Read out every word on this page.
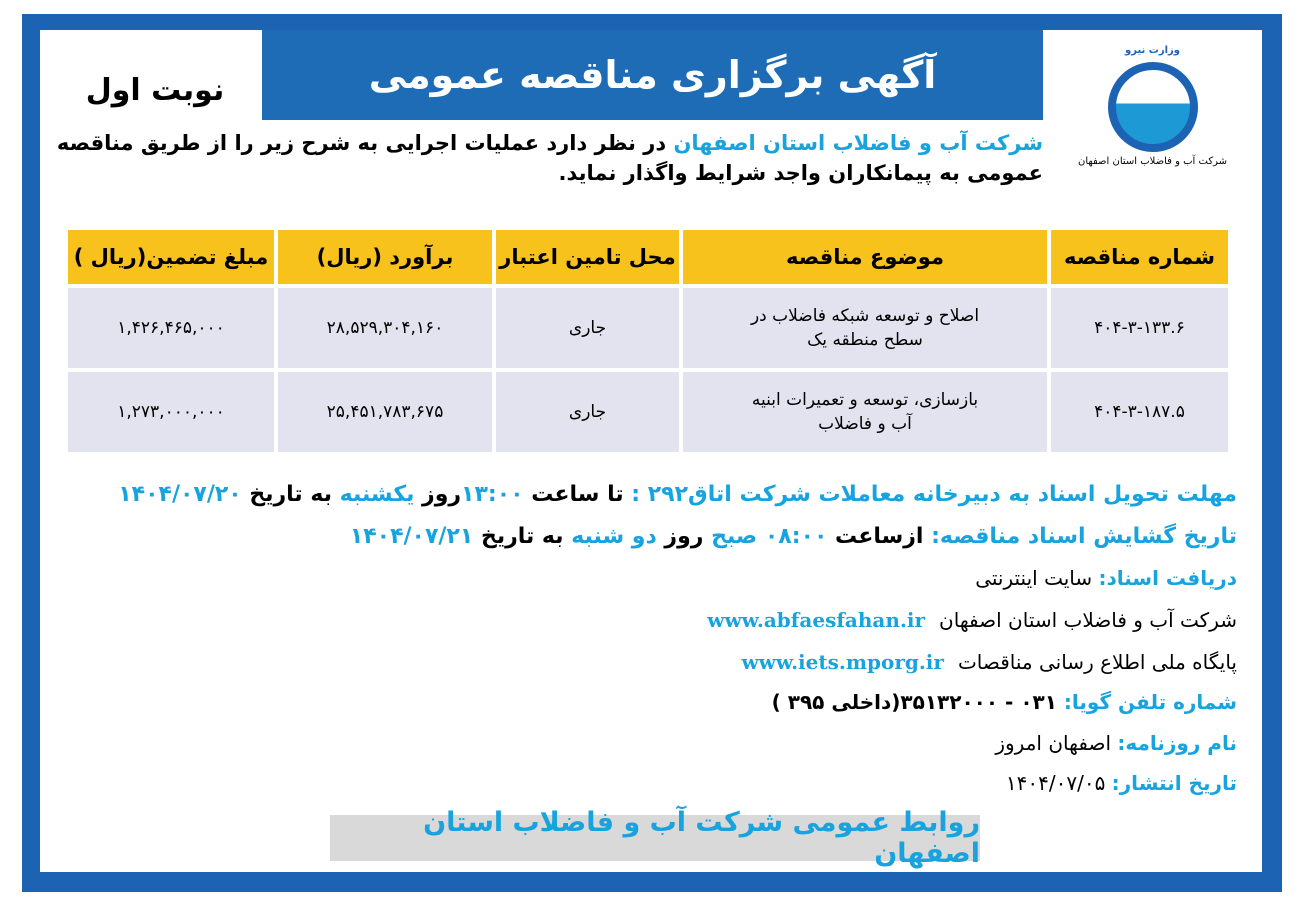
آگهی برگزاری مناقصه عمومی
نوبت اول
وزارت نیرو
شرکت آب و فاضلاب استان اصفهان
شرکت آب و فاضلاب استان اصفهان در نظر دارد عملیات اجرایی به شرح زیر را از طریق مناقصه عمومی به پیمانکاران واجد شرایط واگذار نماید.
شماره مناقصه	موضوع مناقصه	محل تامین اعتبار	برآورد (ریال)	مبلغ تضمین(ریال )
۴۰۴-۳-۱۳۳.۶	اصلاح و توسعه شبکه فاضلاب در سطح منطقه یک	جاری	۲۸,۵۲۹,۳۰۴,۱۶۰	۱,۴۲۶,۴۶۵,۰۰۰
۴۰۴-۳-۱۸۷.۵	بازسازی، توسعه و تعمیرات ابنیه آب و فاضلاب	جاری	۲۵,۴۵۱,۷۸۳,۶۷۵	۱,۲۷۳,۰۰۰,۰۰۰
مهلت تحویل اسناد به دبیرخانه معاملات شرکت اتاق۲۹۲ : تا ساعت ۱۳:۰۰روز یکشنبه به تاریخ ۱۴۰۴/۰۷/۲۰
تاریخ گشایش اسناد مناقصه: ازساعت ۰۸:۰۰ صبح روز دو شنبه به تاریخ ۱۴۰۴/۰۷/۲۱
دریافت اسناد: سایت اینترنتی
شرکت آب و فاضلاب استان اصفهانwww.abfaesfahan.ir
پایگاه ملی اطلاع رسانی مناقصاتwww.iets.mporg.ir
شماره تلفن گویا: ۰۳۱ - ۳۵۱۳۲۰۰۰(داخلی ۳۹۵ )
نام روزنامه: اصفهان امروز
تاریخ انتشار: ۱۴۰۴/۰۷/۰۵
روابط عمومی شرکت آب و فاضلاب استان اصفهان
